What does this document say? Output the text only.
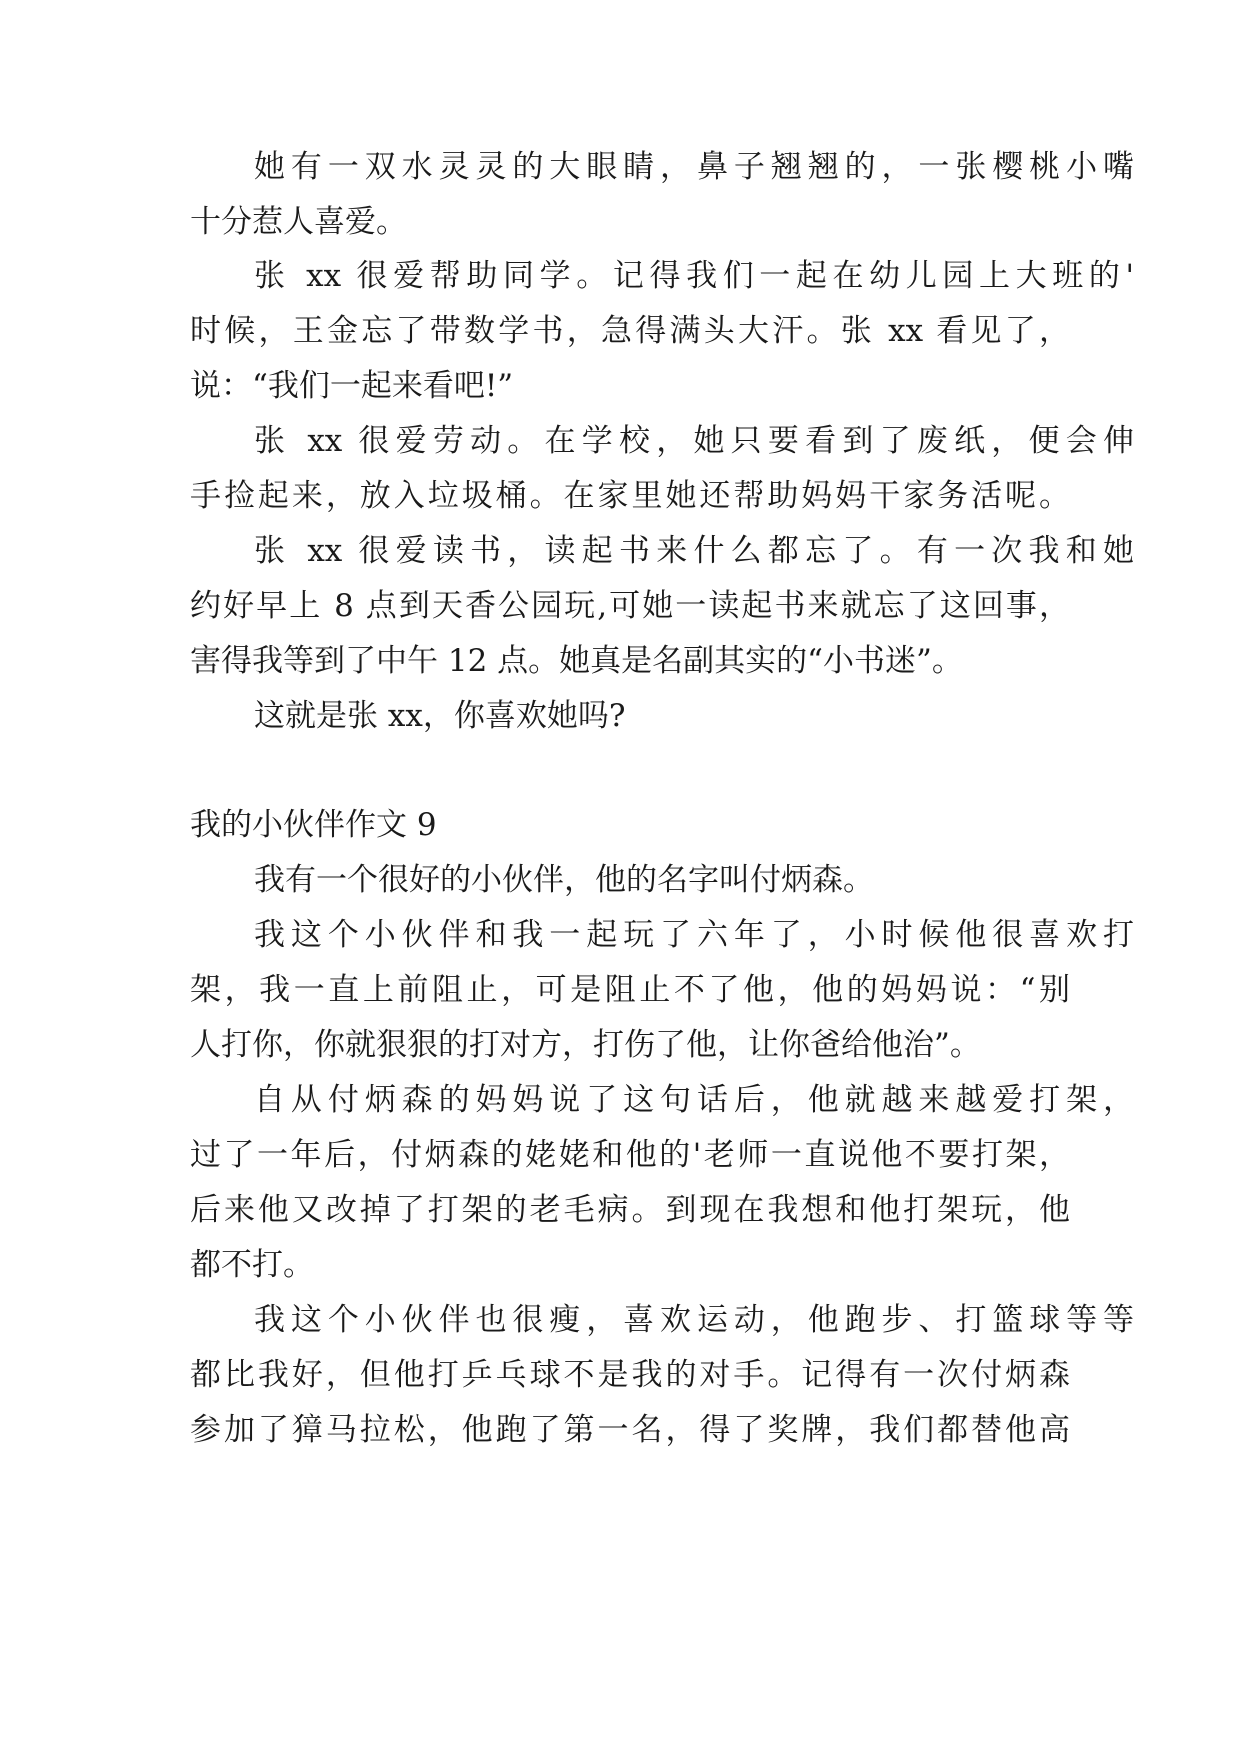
她有一双水灵灵的大眼睛，鼻子翘翘的，一张樱桃小嘴

十分惹人喜爱。

张 xx 很爱帮助同学。记得我们一起在幼儿园上大班的'

时候，王金忘了带数学书，急得满头大汗。张 xx 看见了，

说：“我们一起来看吧!”

张 xx 很爱劳动。在学校，她只要看到了废纸，便会伸

手捡起来，放入垃圾桶。在家里她还帮助妈妈干家务活呢。

张 xx 很爱读书，读起书来什么都忘了。有一次我和她

约好早上 8 点到天香公园玩,可她一读起书来就忘了这回事，

害得我等到了中午 12 点。她真是名副其实的“小书迷”。

这就是张 xx，你喜欢她吗?

我的小伙伴作文 9

我有一个很好的小伙伴，他的名字叫付炳森。

我这个小伙伴和我一起玩了六年了，小时候他很喜欢打

架，我一直上前阻止，可是阻止不了他，他的妈妈说：“别

人打你，你就狠狠的打对方，打伤了他，让你爸给他治”。

自从付炳森的妈妈说了这句话后，他就越来越爱打架，

过了一年后，付炳森的姥姥和他的'老师一直说他不要打架，

后来他又改掉了打架的老毛病。到现在我想和他打架玩，他

都不打。

我这个小伙伴也很瘦，喜欢运动，他跑步、打篮球等等

都比我好，但他打乒乓球不是我的对手。记得有一次付炳森

参加了獐马拉松，他跑了第一名，得了奖牌，我们都替他高
